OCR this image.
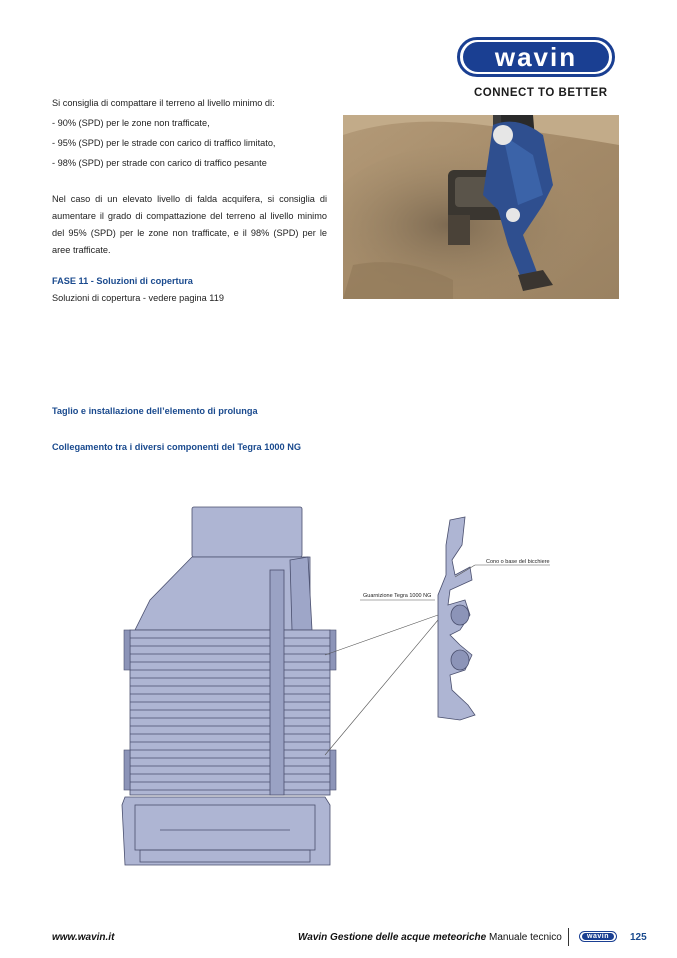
wavin
CONNECT TO BETTER
Si consiglia di compattare il terreno al livello minimo di:
- 90% (SPD) per le zone non trafficate,
- 95% (SPD) per le strade con carico di traffico limitato,
- 98% (SPD) per strade con carico di traffico pesante
Nel caso di un elevato livello di falda acquifera, si consiglia di aumentare il grado di compattazione del terreno al livello minimo del 95% (SPD) per le zone non trafficate, e il 98% (SPD) per le aree trafficate.
FASE 11 - Soluzioni di copertura
Soluzioni di copertura - vedere pagina 119
Taglio e installazione dell’elemento di prolunga
Collegamento tra i diversi componenti del Tegra 1000 NG
Cono o base del bicchiere
Guarnizione Tegra 1000 NG
www.wavin.it	Wavin Gestione delle acque meteoriche Manuale tecnico	wavin	125
